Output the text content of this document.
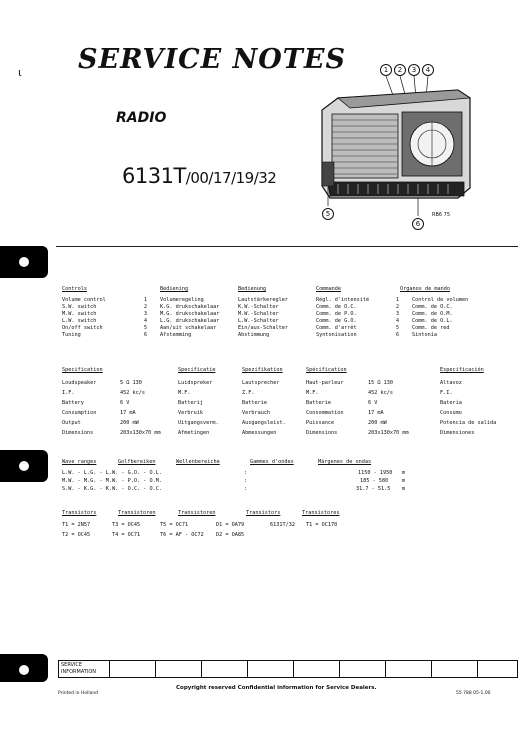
ι SERVICE NOTES
RADIO
6131T/00/17/19/32
1	2	3	4
5
6
RB6 75
Controls	Bediening	Bedienung	Commande	Organos de mando
Volume control	1 Volumeregeling	Lautstärkeregler	Régl. d'intensité	1 Control de volumen
S.W. switch	2 K.G. drukschakelaar	K.W.-Schalter	Comm. de O.C.	2 Comm. de O.C.
M.W. switch	3 M.G. drukschakelaar	M.W.-Schalter	Comm. de P.O.	3 Comm. de O.M.
L.W. switch	4 L.G. drukschakelaar	L.W.-Schalter	Comm. de G.O.	4 Comm. de O.L.
On/off switch	5 Aan/uit schakelaar	Ein/aus-Schalter	Comm. d'arrêt	5 Comm. de red
Tuning	6 Afstemming	Abstimmung	Syntonisation	6 Sintonía
Specification	Specificatie	Spezifikation	Spécification	Especificación
Loudspeaker	5 Ω 130	Luidspreker	Lautsprecher	Haut-parleur	15 Ω 130	Altavoz
I.F.	452 kc/s	M.F.	Z.F.	M.F.	452 kc/s	F.I.
Battery	6 V	Batterij	Batterie	Batterie	6 V	Batería
Consumption	17 mA	Verbruik	Verbrauch	Consommation	17 mA	Consumo
Output	200 mW	Uitgangsverm.	Ausgangsleist.	Puissance	200 mW	Potencia de salida
Dimensions	203x130x70 mm	Afmetingen	Abmessungen	Dimensions	203x130x70 mm	Dimensiones
Wave ranges	Golfbereiken	Wellenbereiche	Gammes d'ondes	Márgenes de ondas
L.W. - L.G. - L.W. - G.O. - O.L.	:	1150 - 1950 m
M.W. - M.G. - M.W. - P.O. - O.M.	:	185 - 580	m
S.W. - K.G. - K.W. - O.C. - O.C.	:	31.7 - 51.5 m
Transistors	Transistoren	Transistoren	Transistors	Transistores
T1 = 2N57	T3 = OC45	T5 = OC71	D1 = OA79	6131T/32 T1 = OC170
T2 = OC45	T4 = OC71	T6 = AF - OC72 D2 = OA85
SERVICE
INFORMATION
Copyright reserved Confidential information for Service Dealers.
Printed in Holland	55 788 05-1.00
